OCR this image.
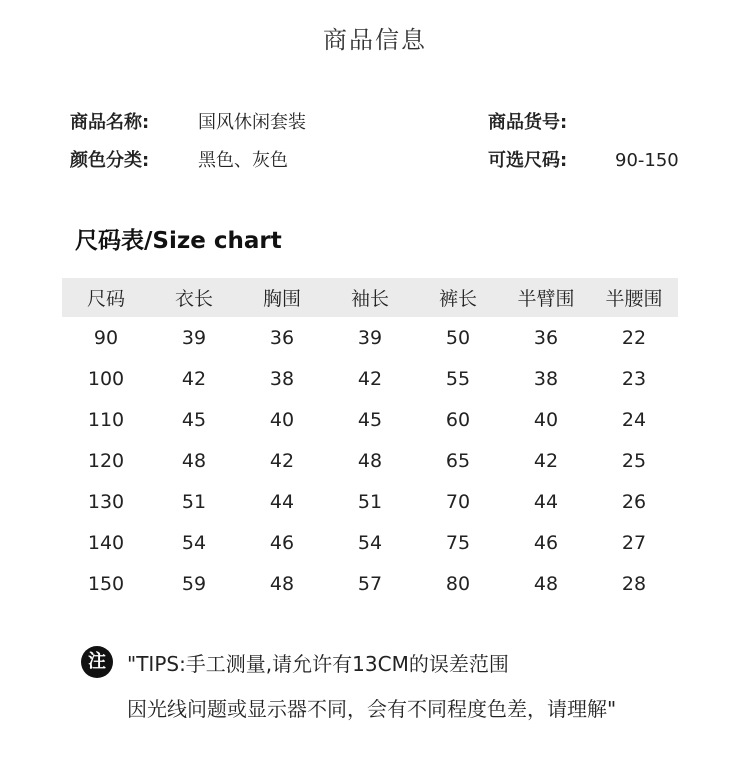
商品信息
商品名称:	国风休闲套装
颜色分类:	黑色、灰色
商品货号:
可选尺码:	90-150
尺码表/Size chart
尺码	衣长	胸围	袖长	裤长	半臂围	半腰围
90	39	36	39	50	36	22
100	42	38	42	55	38	23
110	45	40	45	60	40	24
120	48	42	48	65	42	25
130	51	44	51	70	44	26
140	54	46	54	75	46	27
150	59	48	57	80	48	28
注	"TIPS:手工测量,请允许有13CM的误差范围
因光线问题或显示器不同，会有不同程度色差，请理解"
